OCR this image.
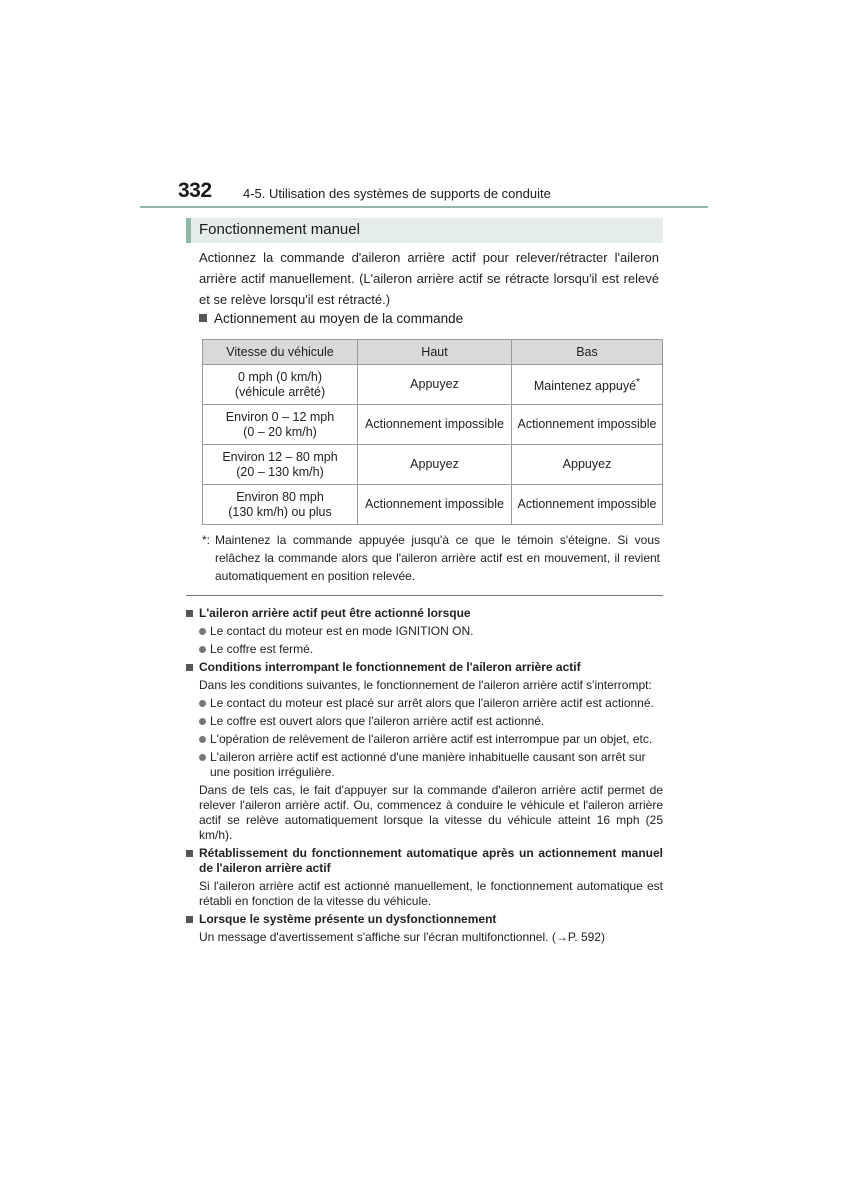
332 4-5. Utilisation des systèmes de supports de conduite
Fonctionnement manuel
Actionnez la commande d'aileron arrière actif pour relever/rétracter l'aileron arrière actif manuellement. (L'aileron arrière actif se rétracte lorsqu'il est relevé et se relève lorsqu'il est rétracté.)
Actionnement au moyen de la commande
Vitesse du véhicule	Haut	Bas
0 mph (0 km/h)
(véhicule arrêté)	Appuyez	Maintenez appuyé*
Environ 0 – 12 mph
(0 – 20 km/h)	Actionnement impossible	Actionnement impossible
Environ 12 – 80 mph
(20 – 130 km/h)	Appuyez	Appuyez
Environ 80 mph
(130 km/h) ou plus	Actionnement impossible	Actionnement impossible
*: Maintenez la commande appuyée jusqu'à ce que le témoin s'éteigne. Si vous relâchez la commande alors que l'aileron arrière actif est en mouvement, il revient automatiquement en position relevée.
L'aileron arrière actif peut être actionné lorsque
Le contact du moteur est en mode IGNITION ON.
Le coffre est fermé.
Conditions interrompant le fonctionnement de l'aileron arrière actif
Dans les conditions suivantes, le fonctionnement de l'aileron arrière actif s'interrompt:
Le contact du moteur est placé sur arrêt alors que l'aileron arrière actif est actionné.
Le coffre est ouvert alors que l'aileron arrière actif est actionné.
L'opération de relèvement de l'aileron arrière actif est interrompue par un objet, etc.
L'aileron arrière actif est actionné d'une manière inhabituelle causant son arrêt sur une position irrégulière.
Dans de tels cas, le fait d'appuyer sur la commande d'aileron arrière actif permet de relever l'aileron arrière actif. Ou, commencez à conduire le véhicule et l'aileron arrière actif se relève automatiquement lorsque la vitesse du véhicule atteint 16 mph (25 km/h).
Rétablissement du fonctionnement automatique après un actionnement manuel de l'aileron arrière actif
Si l'aileron arrière actif est actionné manuellement, le fonctionnement automatique est rétabli en fonction de la vitesse du véhicule.
Lorsque le système présente un dysfonctionnement
Un message d'avertissement s'affiche sur l'écran multifonctionnel. (→P. 592)
